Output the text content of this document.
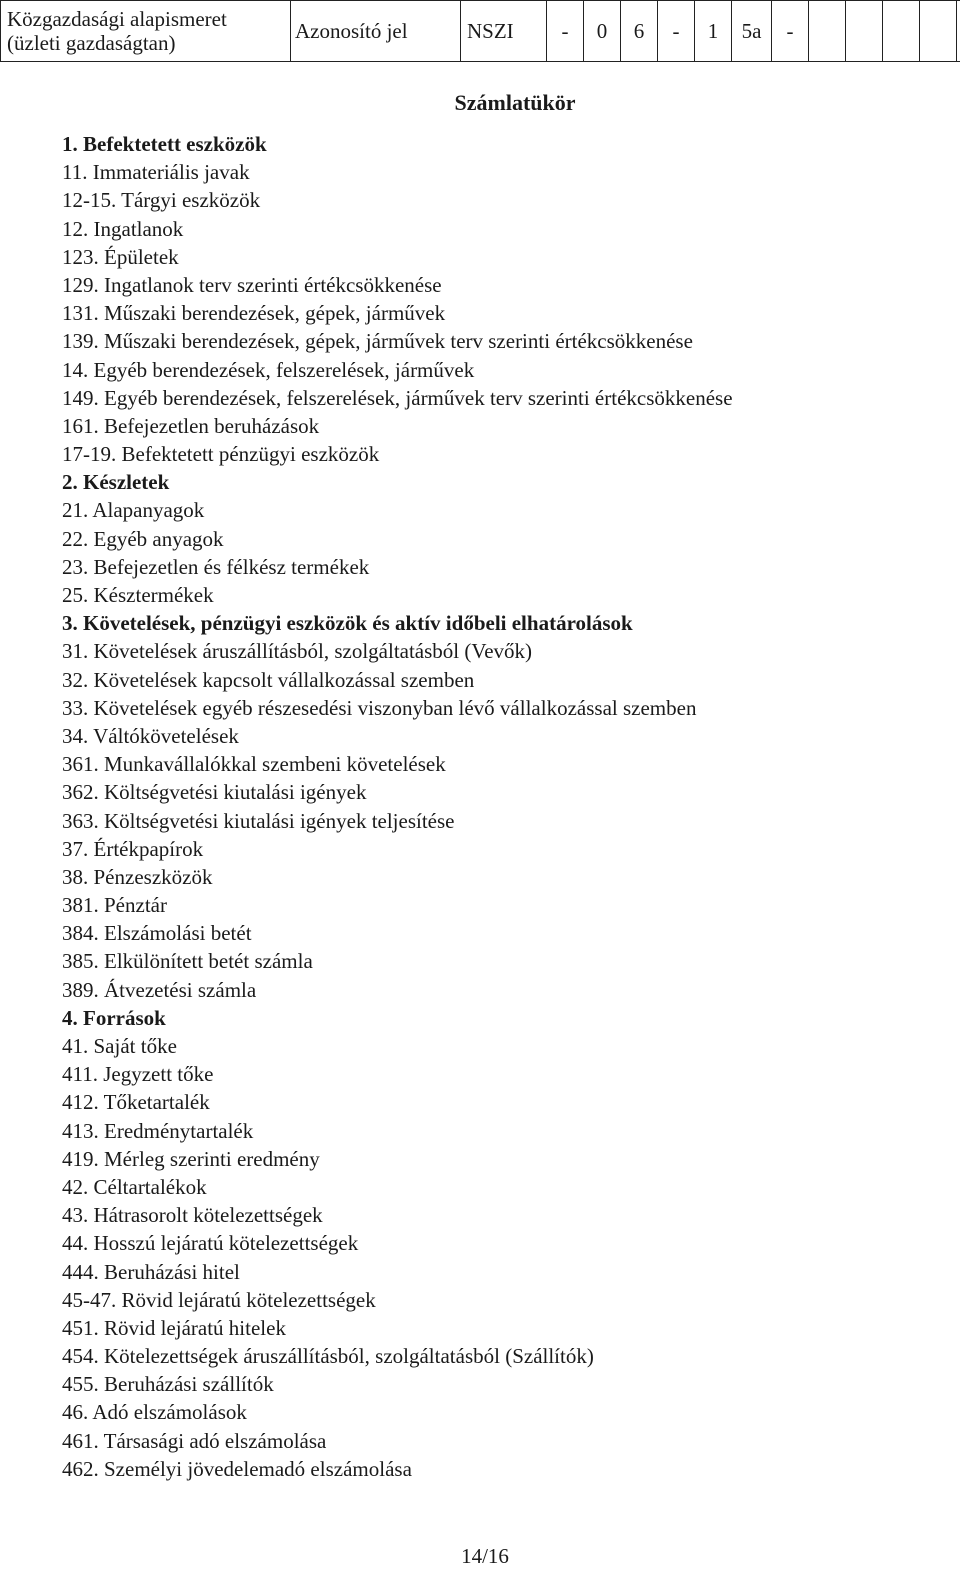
Közgazdasági alapismeret
(üzleti gazdaságtan)
	Azonosító jel	NSZI	-	0	6	-	1	5a	-					
Számlatükör
1. Befektetett eszközök
11. Immateriális javak
12-15. Tárgyi eszközök
12. Ingatlanok
123. Épületek
129. Ingatlanok terv szerinti értékcsökkenése
131. Műszaki berendezések, gépek, járművek
139. Műszaki berendezések, gépek, járművek terv szerinti értékcsökkenése
14. Egyéb berendezések, felszerelések, járművek
149. Egyéb berendezések, felszerelések, járművek terv szerinti értékcsökkenése
161. Befejezetlen beruházások
17-19. Befektetett pénzügyi eszközök
2. Készletek
21. Alapanyagok
22. Egyéb anyagok
23. Befejezetlen és félkész termékek
25. Késztermékek
3. Követelések, pénzügyi eszközök és aktív időbeli elhatárolások
31. Követelések áruszállításból, szolgáltatásból (Vevők)
32. Követelések kapcsolt vállalkozással szemben
33. Követelések egyéb részesedési viszonyban lévő vállalkozással szemben
34. Váltókövetelések
361. Munkavállalókkal szembeni követelések
362. Költségvetési kiutalási igények
363. Költségvetési kiutalási igények teljesítése
37. Értékpapírok
38. Pénzeszközök
381. Pénztár
384. Elszámolási betét
385. Elkülönített betét számla
389. Átvezetési számla
4. Források
41. Saját tőke
411. Jegyzett tőke
412. Tőketartalék
413. Eredménytartalék
419. Mérleg szerinti eredmény
42. Céltartalékok
43. Hátrasorolt kötelezettségek
44. Hosszú lejáratú kötelezettségek
444. Beruházási hitel
45-47. Rövid lejáratú kötelezettségek
451. Rövid lejáratú hitelek
454. Kötelezettségek áruszállításból, szolgáltatásból (Szállítók)
455. Beruházási szállítók
46. Adó elszámolások
461. Társasági adó elszámolása
462. Személyi jövedelemadó elszámolása
14/16
